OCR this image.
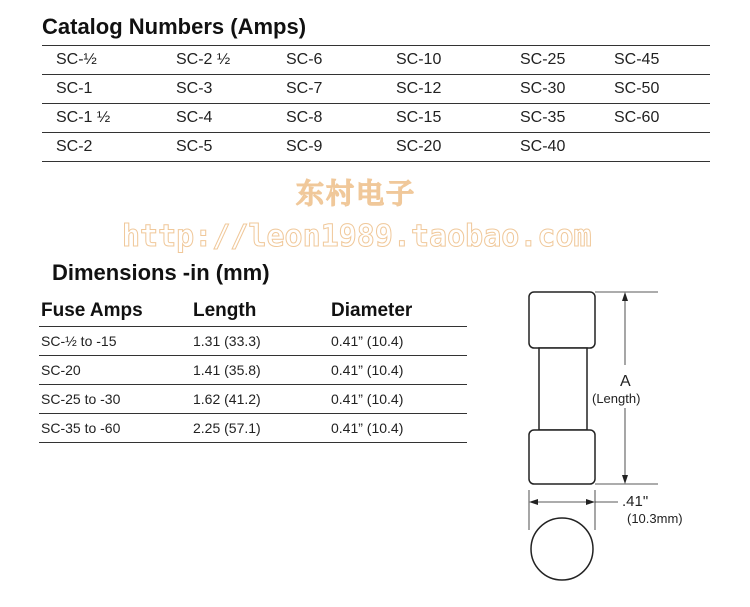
Catalog Numbers (Amps)
SC-½	SC-2 ½	SC-6	SC-10	SC-25	SC-45
SC-1	SC-3	SC-7	SC-12	SC-30	SC-50
SC-1 ½	SC-4	SC-8	SC-15	SC-35	SC-60
SC-2	SC-5	SC-9	SC-20	SC-40	
东村电子
http://leon1989.taobao.com
Dimensions -in (mm)
Fuse Amps	Length	Diameter
SC-½ to -15	1.31 (33.3)	0.41” (10.4)
SC-20	1.41 (35.8)	0.41” (10.4)
SC-25 to -30	1.62 (41.2)	0.41” (10.4)
SC-35 to -60	2.25 (57.1)	0.41” (10.4)
A
(Length)
.41"
(10.3mm)
